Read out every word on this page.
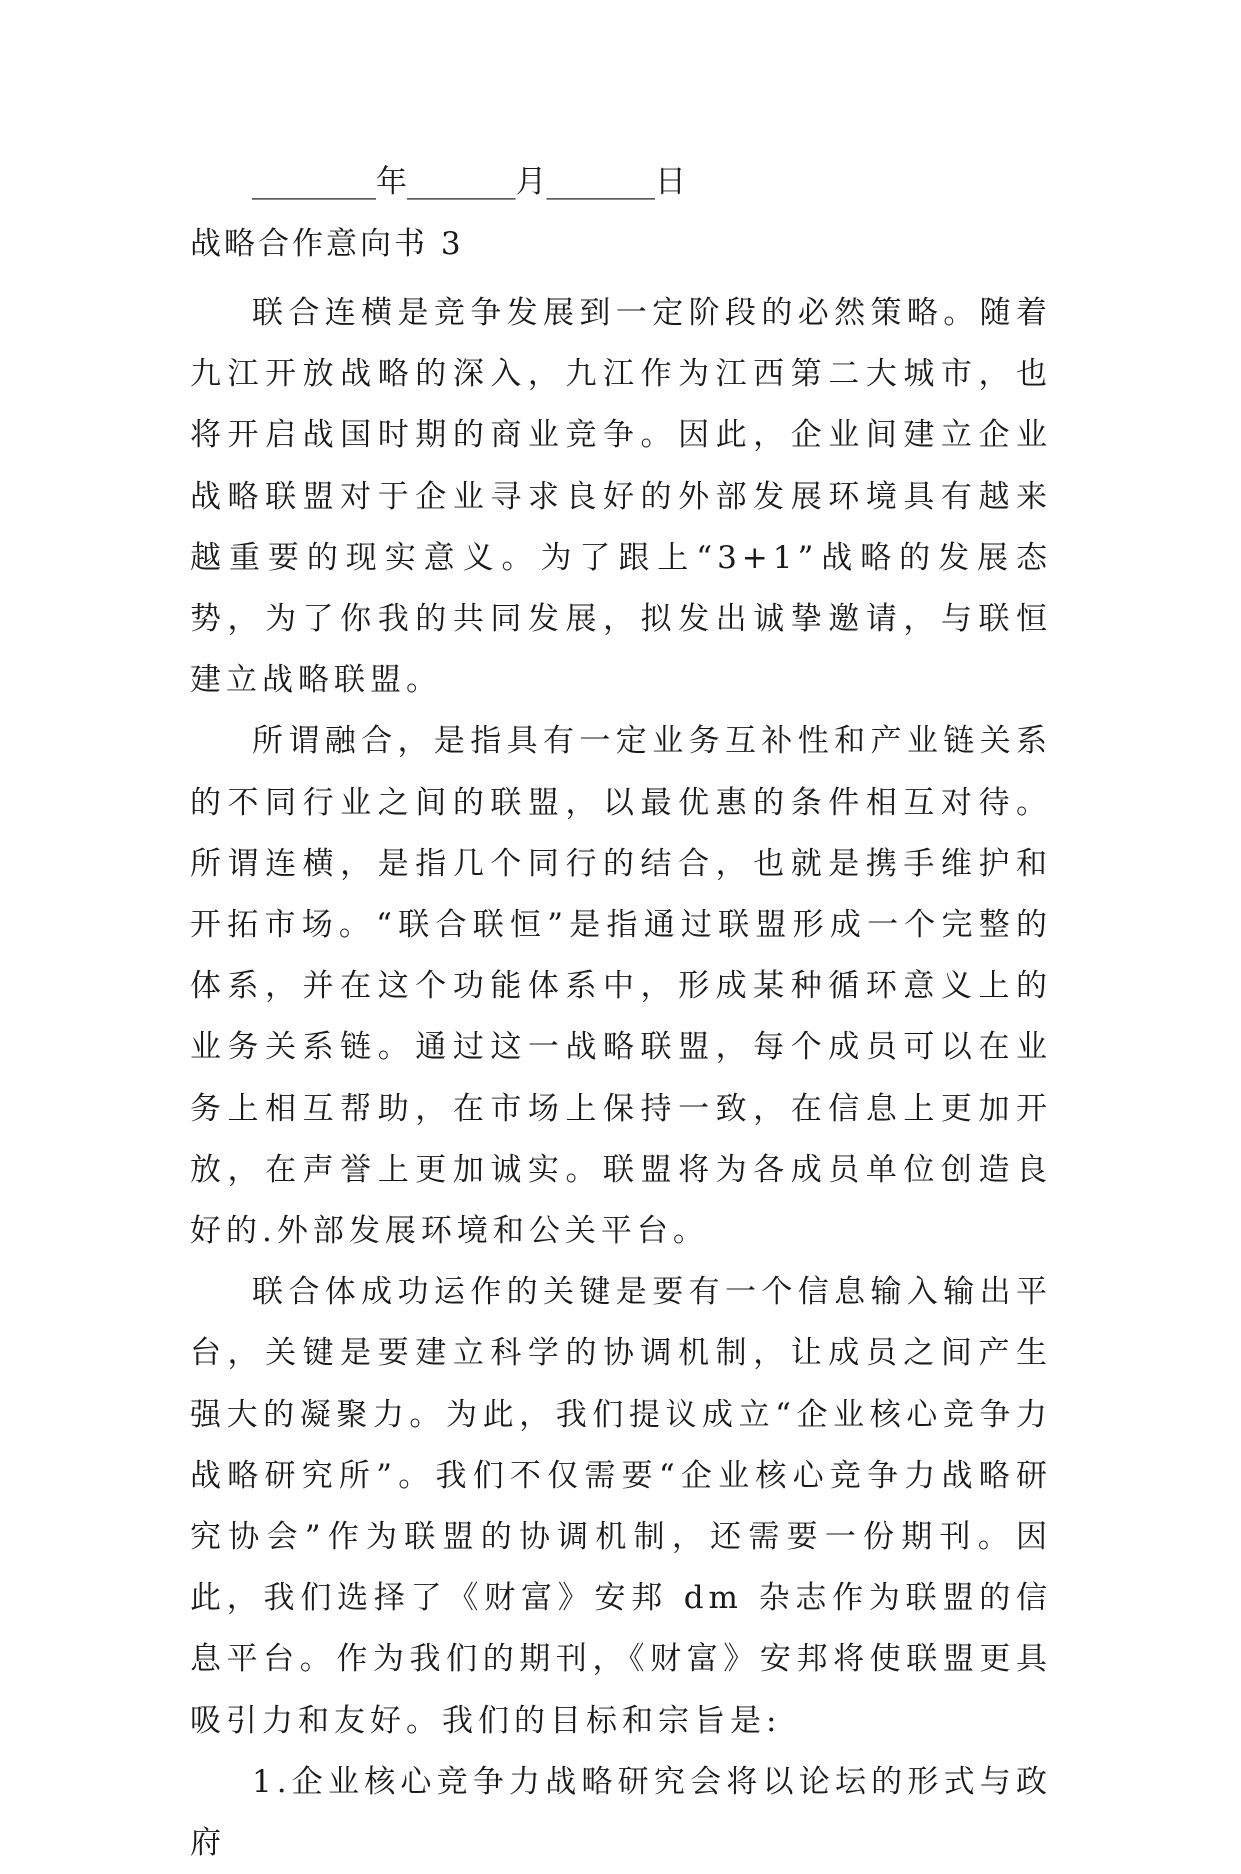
________年_______月_______日
战略合作意向书 3

联合连横是竞争发展到一定阶段的必然策略。随着九江开放战略的深入，九江作为江西第二大城市，也将开启战国时期的商业竞争。因此，企业间建立企业战略联盟对于企业寻求良好的外部发展环境具有越来越重要的现实意义。为了跟上“3+1”战略的发展态势，为了你我的共同发展，拟发出诚挚邀请，与联恒建立战略联盟。

所谓融合，是指具有一定业务互补性和产业链关系的不同行业之间的联盟，以最优惠的条件相互对待。所谓连横，是指几个同行的结合，也就是携手维护和开拓市场。“联合联恒”是指通过联盟形成一个完整的体系，并在这个功能体系中，形成某种循环意义上的业务关系链。通过这一战略联盟，每个成员可以在业务上相互帮助，在市场上保持一致，在信息上更加开放，在声誉上更加诚实。联盟将为各成员单位创造良好的.外部发展环境和公关平台。

联合体成功运作的关键是要有一个信息输入输出平台，关键是要建立科学的协调机制，让成员之间产生强大的凝聚力。为此，我们提议成立“企业核心竞争力战略研究所”。我们不仅需要“企业核心竞争力战略研究协会”作为联盟的协调机制，还需要一份期刊。因此，我们选择了《财富》安邦 dm 杂志作为联盟的信息平台。作为我们的期刊，《财富》安邦将使联盟更具吸引力和友好。我们的目标和宗旨是:

1.企业核心竞争力战略研究会将以论坛的形式与政府
